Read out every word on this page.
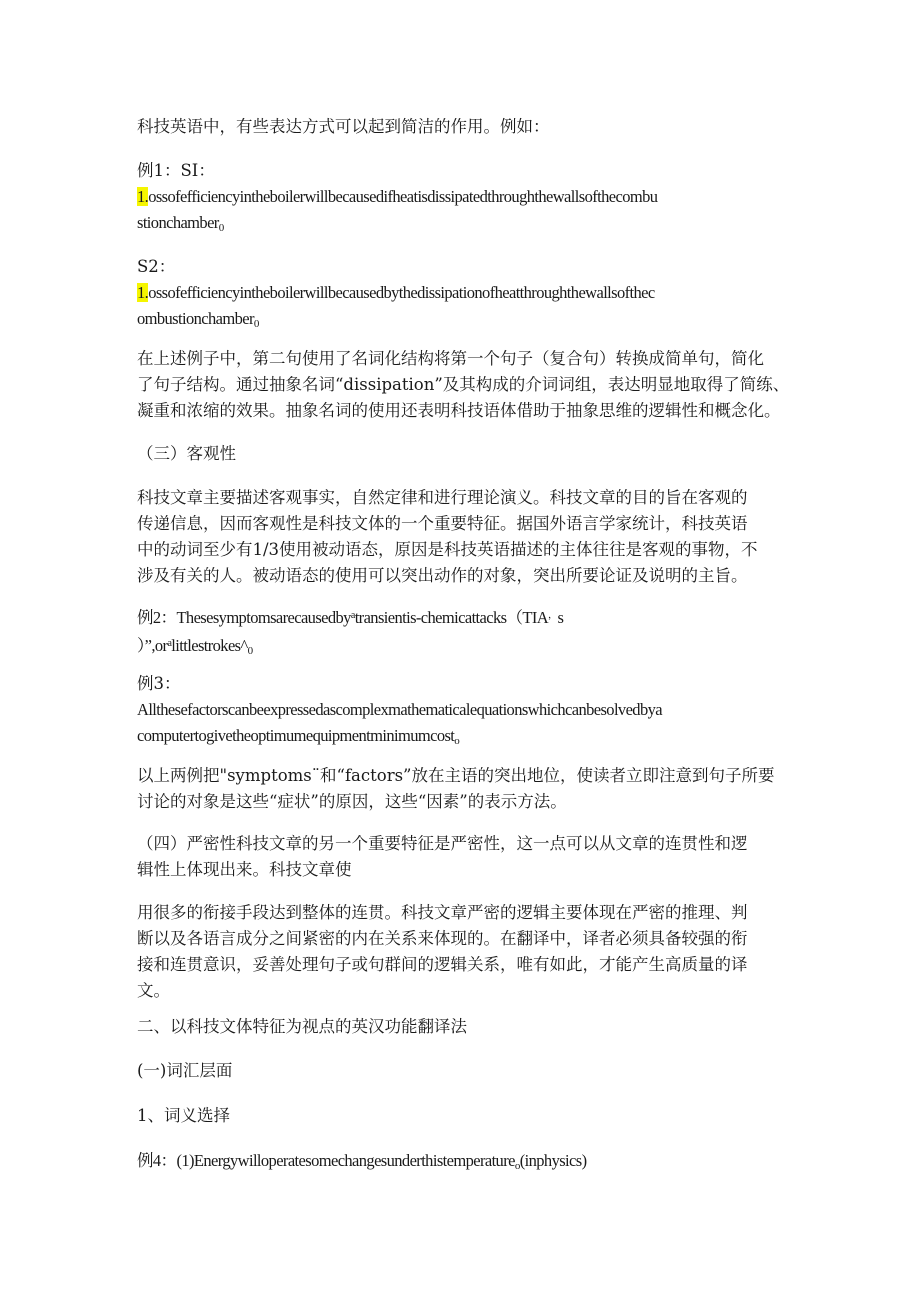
科技英语中，有些表达方式可以起到简洁的作用。例如：

例1：SI：
1.ossofefficiencyintheboilerwillbecausedifheatisdissipatedthroughthewallsofthecombu
stionchamber$_0$
S2：
1.ossofefficiencyintheboilerwillbecausedbythedissipationofheatthroughthewallsofthec
ombustionchamber$_0$
在上述例子中，第二句使用了名词化结构将第一个句子（复合句）转换成简单句，简化
了句子结构。通过抽象名词“dissipation”及其构成的介词词组，表达明显地取得了简练、
凝重和浓缩的效果。抽象名词的使用还表明科技语体借助于抽象思维的逻辑性和概念化。

（三）客观性

科技文章主要描述客观事实，自然定律和进行理论演义。科技文章的目的旨在客观的
传递信息，因而客观性是科技文体的一个重要特征。据国外语言学家统计，科技英语
中的动词至少有1/3使用被动语态，原因是科技英语描述的主体往往是客观的事物，不
涉及有关的人。被动语态的使用可以突出动作的对象，突出所要论证及说明的主旨。
例2：Thesesymptomsarecausedby$^a$transientis-chemicattacks（TIA，s
）$”,or^alittlestrokes\^{}_0$
例3：
Allthesefactorscanbeexpressedascomplexmathematicalequationswhichcanbesolvedbya
computertogivetheoptimumequipmentminimumcost$_o$
以上两例把"symptoms¨和“factors”放在主语的突出地位，使读者立即注意到句子所要
讨论的对象是这些“症状”的原因，这些“因素”的表示方法。
（四）严密性科技文章的另一个重要特征是严密性，这一点可以从文章的连贯性和逻
辑性上体现出来。科技文章使
用很多的衔接手段达到整体的连贯。科技文章严密的逻辑主要体现在严密的推理、判
断以及各语言成分之间紧密的内在关系来体现的。在翻译中，译者必须具备较强的衔
接和连贯意识，妥善处理句子或句群间的逻辑关系，唯有如此，才能产生高质量的译
文。

二、以科技文体特征为视点的英汉功能翻译法

(一)词汇层面

1、词义选择

例4：(1)Energywilloperatesomechangesunderthistemperature$_o$(inphysics)
